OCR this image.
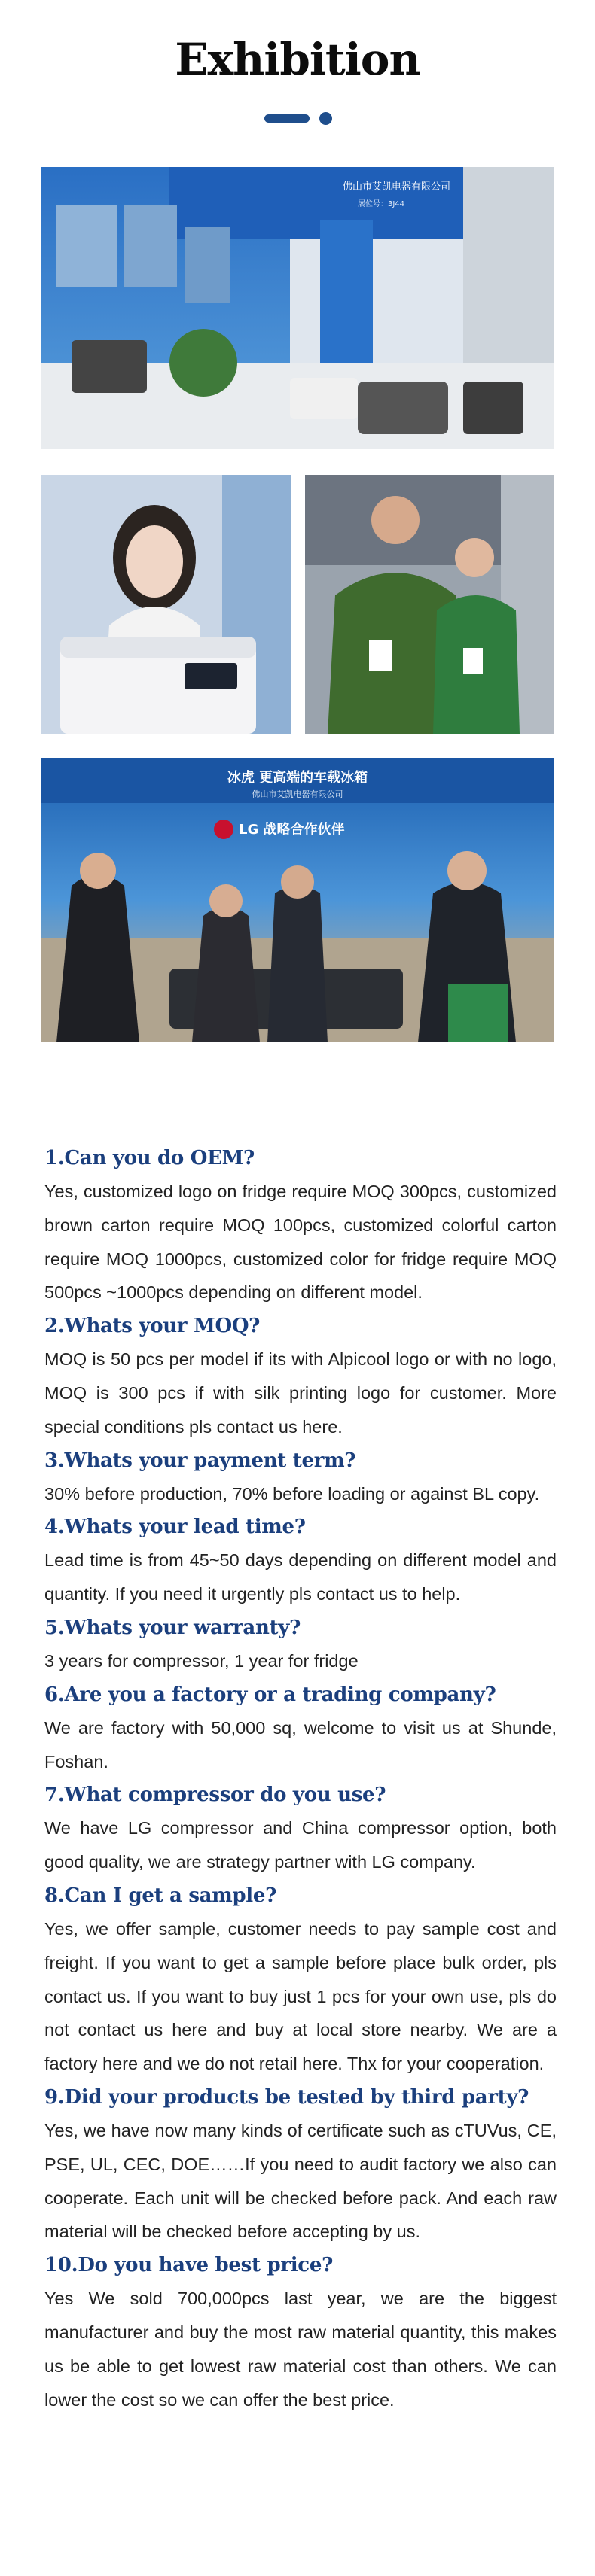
Exhibition
佛山市艾凯电器有限公司
展位号：3J44
冰虎 更高端的车载冰箱
佛山市艾凯电器有限公司
LG 战略合作伙伴
1.Can you do OEM?

Yes, customized logo on fridge require MOQ 300pcs, customized brown carton require MOQ 100pcs, customized colorful carton require MOQ 1000pcs, customized color for fridge require MOQ 500pcs ~1000pcs depending on different model.

2.Whats your MOQ?

MOQ is 50 pcs per model if its with Alpicool logo or with no logo, MOQ is 300 pcs if with silk printing logo for customer. More special conditions pls contact us here.

3.Whats your payment term?

30% before production, 70% before loading or against BL copy.

4.Whats your lead time?

Lead time is from 45~50 days depending on different model and quantity. If you need it urgently pls contact us to help.

5.Whats your warranty?

3 years for compressor, 1 year for fridge

6.Are you a factory or a trading company?

We are factory with 50,000 sq, welcome to visit us at Shunde, Foshan.

7.What compressor do you use?

We have LG compressor and China compressor option, both good quality, we are strategy partner with LG company.

8.Can I get a sample?

Yes, we offer sample, customer needs to pay sample cost and freight. If you want to get a sample before place bulk order, pls contact us. If you want to buy just 1 pcs for your own use, pls do not contact us here and buy at local store nearby. We are a factory here and we do not retail here. Thx for your cooperation.

9.Did your products be tested by third party?

Yes, we have now many kinds of certificate such as cTUVus, CE, PSE, UL, CEC, DOE……If you need to audit factory we also can cooperate. Each unit will be checked before pack. And each raw material will be checked before accepting by us.

10.Do you have best price?

Yes We sold 700,000pcs last year, we are the biggest manufacturer and buy the most raw material quantity, this makes us be able to get lowest raw material cost than others. We can lower the cost so we can offer the best price.
